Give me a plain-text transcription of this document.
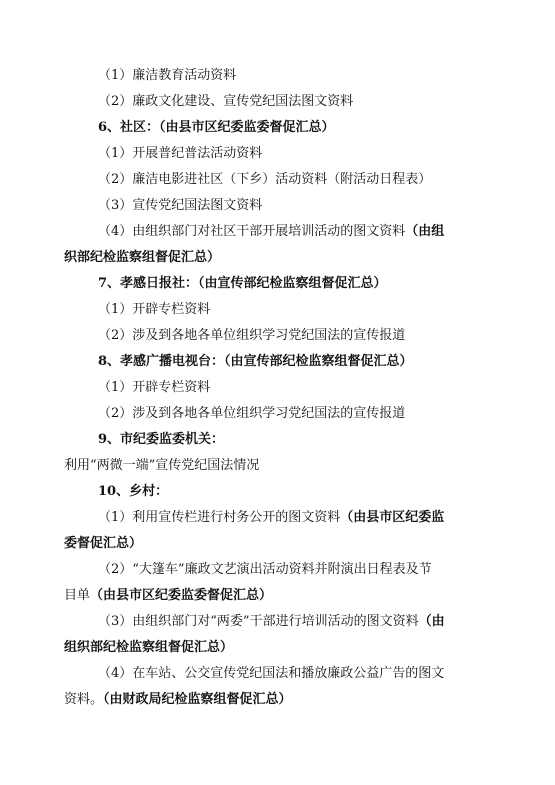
（1）廉洁教育活动资料
（2）廉政文化建设、宣传党纪国法图文资料
6、社区：（由县市区纪委监委督促汇总）
（1）开展普纪普法活动资料
（2）廉洁电影进社区（下乡）活动资料（附活动日程表）
（3）宣传党纪国法图文资料
（4）由组织部门对社区干部开展培训活动的图文资料（由组
织部纪检监察组督促汇总）
7、孝感日报社：（由宣传部纪检监察组督促汇总）
（1）开辟专栏资料
（2）涉及到各地各单位组织学习党纪国法的宣传报道
8、孝感广播电视台：（由宣传部纪检监察组督促汇总）
（1）开辟专栏资料
（2）涉及到各地各单位组织学习党纪国法的宣传报道
9、市纪委监委机关：
利用“两微一端”宣传党纪国法情况
10、乡村：
（1）利用宣传栏进行村务公开的图文资料（由县市区纪委监
委督促汇总）
（2）“大篷车”廉政文艺演出活动资料并附演出日程表及节
目单（由县市区纪委监委督促汇总）
（3）由组织部门对“两委”干部进行培训活动的图文资料（由
组织部纪检监察组督促汇总）
（4）在车站、公交宣传党纪国法和播放廉政公益广告的图文
资料。（由财政局纪检监察组督促汇总）
